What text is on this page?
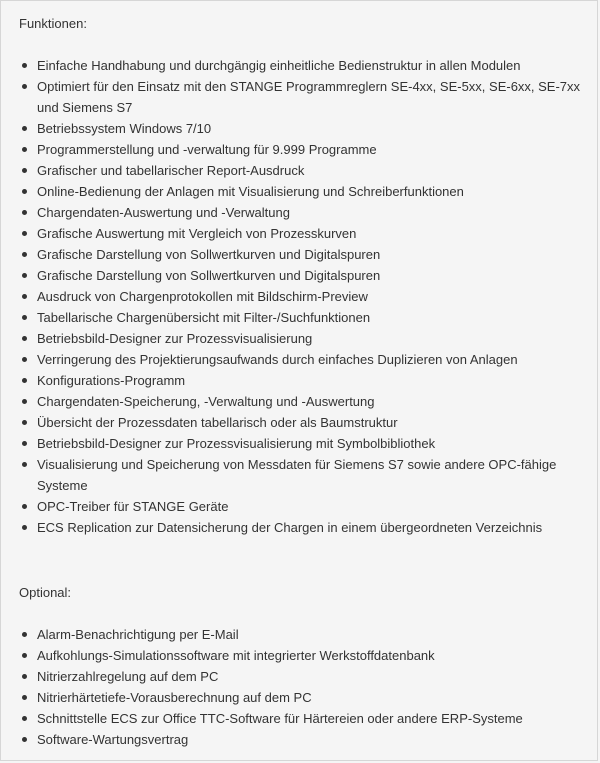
Funktionen:
Einfache Handhabung und durchgängig einheitliche Bedienstruktur in allen Modulen
Optimiert für den Einsatz mit den STANGE Programmreglern SE-4xx, SE-5xx, SE-6xx, SE-7xx und Siemens S7
Betriebssystem Windows 7/10
Programmerstellung und -verwaltung für 9.999 Programme
Grafischer und tabellarischer Report-Ausdruck
Online-Bedienung der Anlagen mit Visualisierung und Schreiberfunktionen
Chargendaten-Auswertung und -Verwaltung
Grafische Auswertung mit Vergleich von Prozesskurven
Grafische Darstellung von Sollwertkurven und Digitalspuren
Grafische Darstellung von Sollwertkurven und Digitalspuren
Ausdruck von Chargenprotokollen mit Bildschirm-Preview
Tabellarische Chargenübersicht mit Filter-/Suchfunktionen
Betriebsbild-Designer zur Prozessvisualisierung
Verringerung des Projektierungsaufwands durch einfaches Duplizieren von Anlagen
Konfigurations-Programm
Chargendaten-Speicherung, -Verwaltung und -Auswertung
Übersicht der Prozessdaten tabellarisch oder als Baumstruktur
Betriebsbild-Designer zur Prozessvisualisierung mit Symbolbibliothek
Visualisierung und Speicherung von Messdaten für Siemens S7 sowie andere OPC-fähige Systeme
OPC-Treiber für STANGE Geräte
ECS Replication zur Datensicherung der Chargen in einem übergeordneten Verzeichnis
Optional:
Alarm-Benachrichtigung per E-Mail
Aufkohlungs-Simulationssoftware mit integrierter Werkstoffdatenbank
Nitrierzahlregelung auf dem PC
Nitrierhärtetiefe-Vorausberechnung auf dem PC
Schnittstelle ECS zur Office TTC-Software für Härtereien oder andere ERP-Systeme
Software-Wartungsvertrag
